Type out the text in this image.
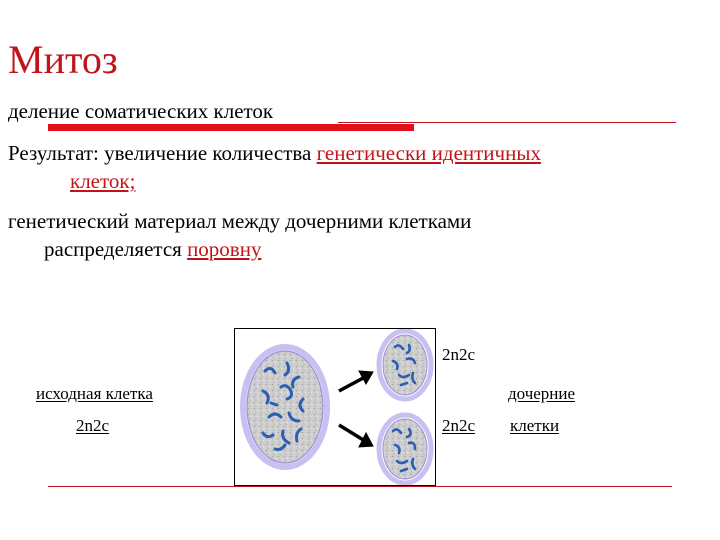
Митоз
деление соматических клеток
Результат: увеличение количества генетически идентичных
клеток;
генетический материал между дочерними клетками
распределяется поровну
2n2c
исходная клетка
2n2c	2n2c
дочерние
клетки
